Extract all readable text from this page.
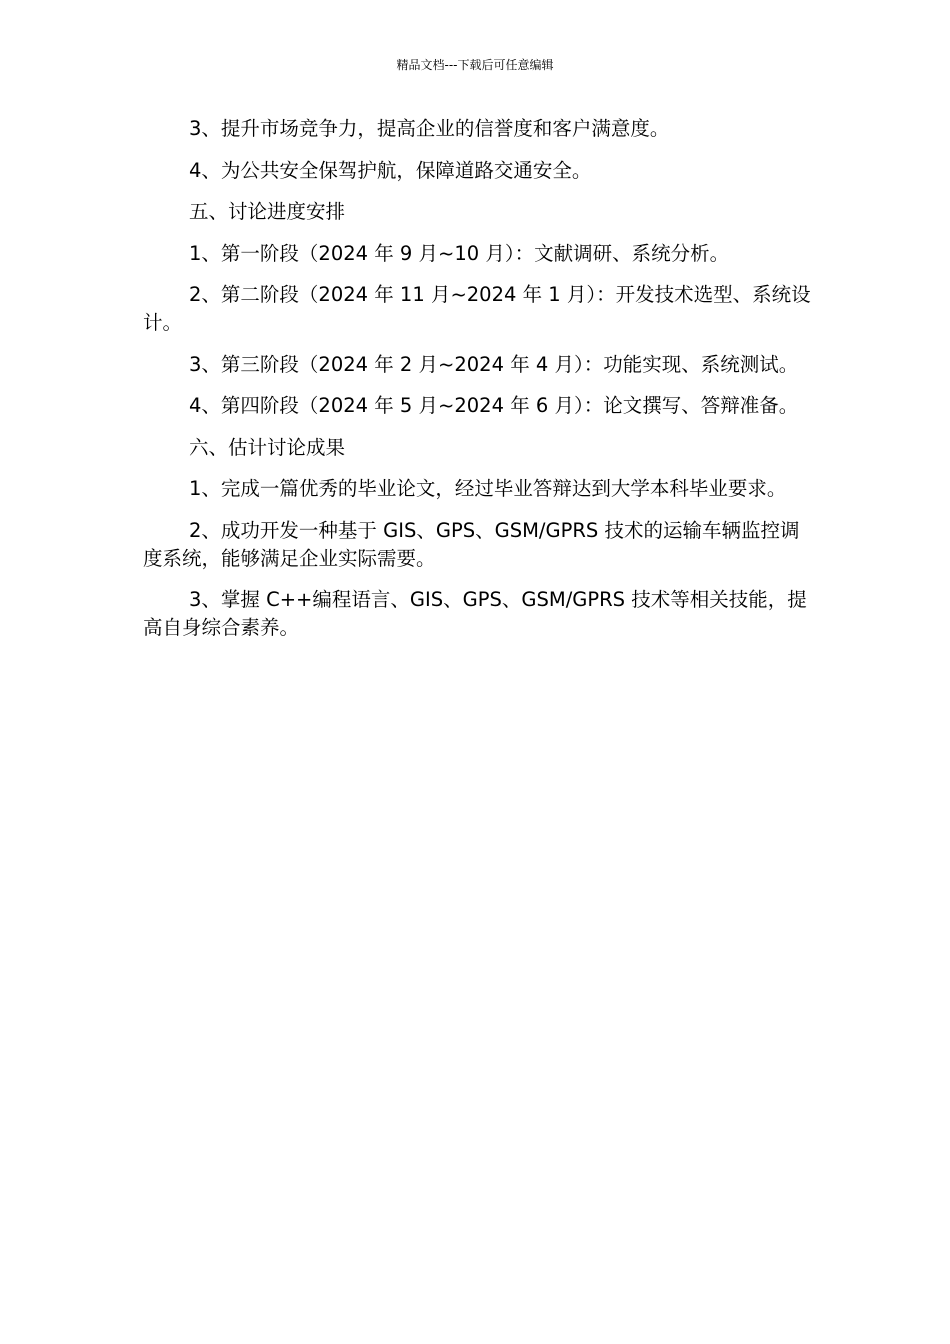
精品文档---下载后可任意编辑

3、提升市场竞争力，提高企业的信誉度和客户满意度。

4、为公共安全保驾护航，保障道路交通安全。

五、讨论进度安排

1、第一阶段（2024 年 9 月~10 月）：文献调研、系统分析。

2、第二阶段（2024 年 11 月~2024 年 1 月）：开发技术选型、系统设计。

3、第三阶段（2024 年 2 月~2024 年 4 月）：功能实现、系统测试。

4、第四阶段（2024 年 5 月~2024 年 6 月）：论文撰写、答辩准备。

六、估计讨论成果

1、完成一篇优秀的毕业论文，经过毕业答辩达到大学本科毕业要求。

2、成功开发一种基于 GIS、GPS、GSM/GPRS 技术的运输车辆监控调度系统，能够满足企业实际需要。

3、掌握 C++编程语言、GIS、GPS、GSM/GPRS 技术等相关技能，提高自身综合素养。
